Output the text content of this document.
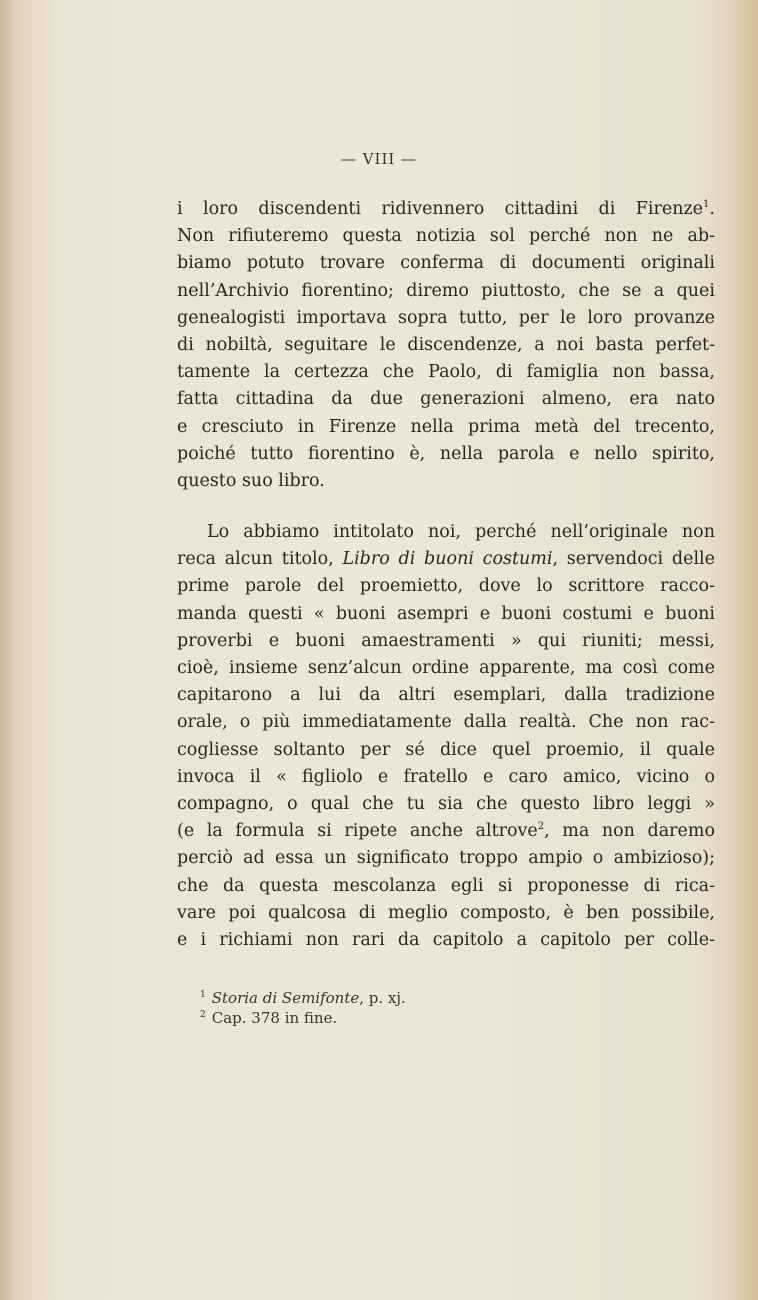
— VIII —
i loro discendenti ridivennero cittadini di Firenze$^1$.
Non rifiuteremo questa notizia sol perché non ne ab-
biamo potuto trovare conferma di documenti originali
nell’Archivio fiorentino; diremo piuttosto, che se a quei
genealogisti importava sopra tutto, per le loro provanze
di nobiltà, seguitare le discendenze, a noi basta perfet-
tamente la certezza che Paolo, di famiglia non bassa,
fatta cittadina da due generazioni almeno, era nato
e cresciuto in Firenze nella prima metà del trecento,
poiché tutto fiorentino è, nella parola e nello spirito,
questo suo libro.
Lo abbiamo intitolato noi, perché nell’originale non
reca alcun titolo, Libro di buoni costumi, servendoci delle
prime parole del proemietto, dove lo scrittore racco-
manda questi « buoni asempri e buoni costumi e buoni
proverbi e buoni amaestramenti » qui riuniti; messi,
cioè, insieme senz’alcun ordine apparente, ma così come
capitarono a lui da altri esemplari, dalla tradizione
orale, o più immediatamente dalla realtà. Che non rac-
cogliesse soltanto per sé dice quel proemio, il quale
invoca il « figliolo e fratello e caro amico, vicino o
compagno, o qual che tu sia che questo libro leggi »
(e la formula si ripete anche altrove$^2$, ma non daremo
perciò ad essa un significato troppo ampio o ambizioso);
che da questa mescolanza egli si proponesse di rica-
vare poi qualcosa di meglio composto, è ben possibile,
e i richiami non rari da capitolo a capitolo per colle-
$^1$ Storia di Semifonte, p. xj.
$^2$ Cap. 378 in fine.
